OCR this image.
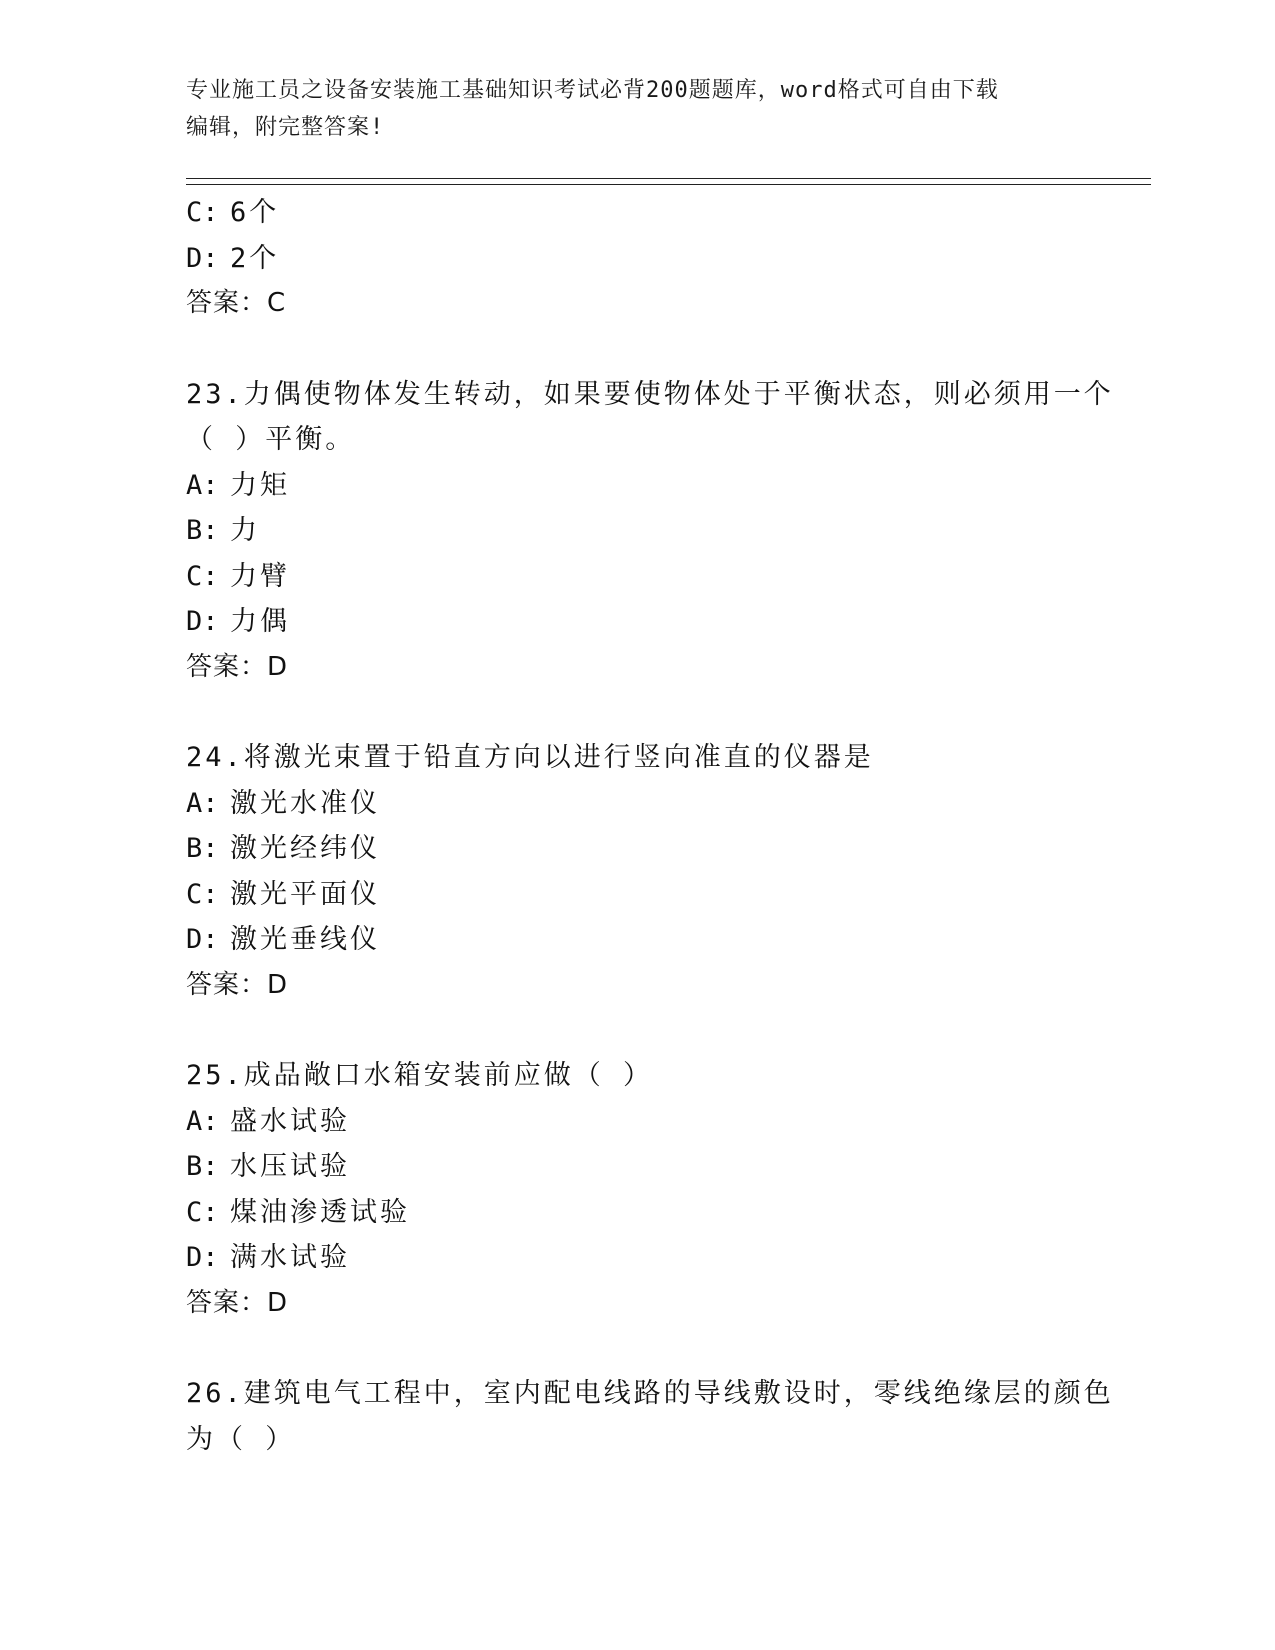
专业施工员之设备安装施工基础知识考试必背200题题库，word格式可自由下载
编辑，附完整答案!
C: 6个
D: 2个
答案：C
23.力偶使物体发生转动，如果要使物体处于平衡状态，则必须用一个
（ ）平衡。
A: 力矩
B: 力
C: 力臂
D: 力偶
答案：D
24.将激光束置于铅直方向以进行竖向准直的仪器是
A: 激光水准仪
B: 激光经纬仪
C: 激光平面仪
D: 激光垂线仪
答案：D
25.成品敞口水箱安装前应做（ ）
A: 盛水试验
B: 水压试验
C: 煤油渗透试验
D: 满水试验
答案：D
26.建筑电气工程中，室内配电线路的导线敷设时，零线绝缘层的颜色
为（ ）
